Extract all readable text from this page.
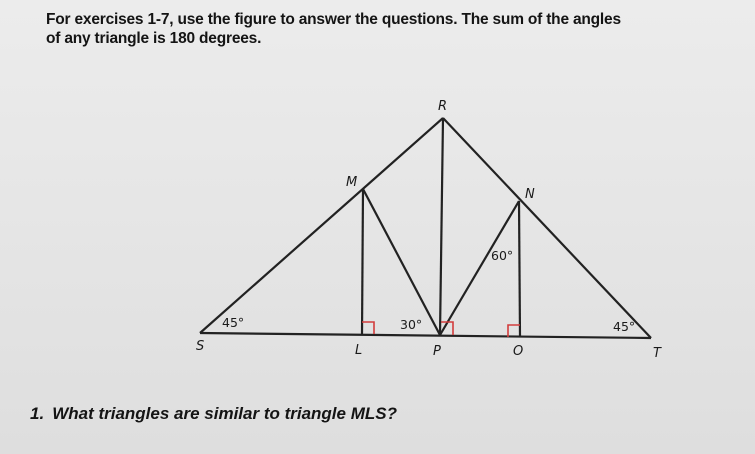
For exercises 1-7, use the figure to answer the questions. The sum of the angles
of any triangle is 180 degrees.

45°	30°
60°
45°
R
M
N
S	L	P	O	T

1. What triangles are similar to triangle MLS?
